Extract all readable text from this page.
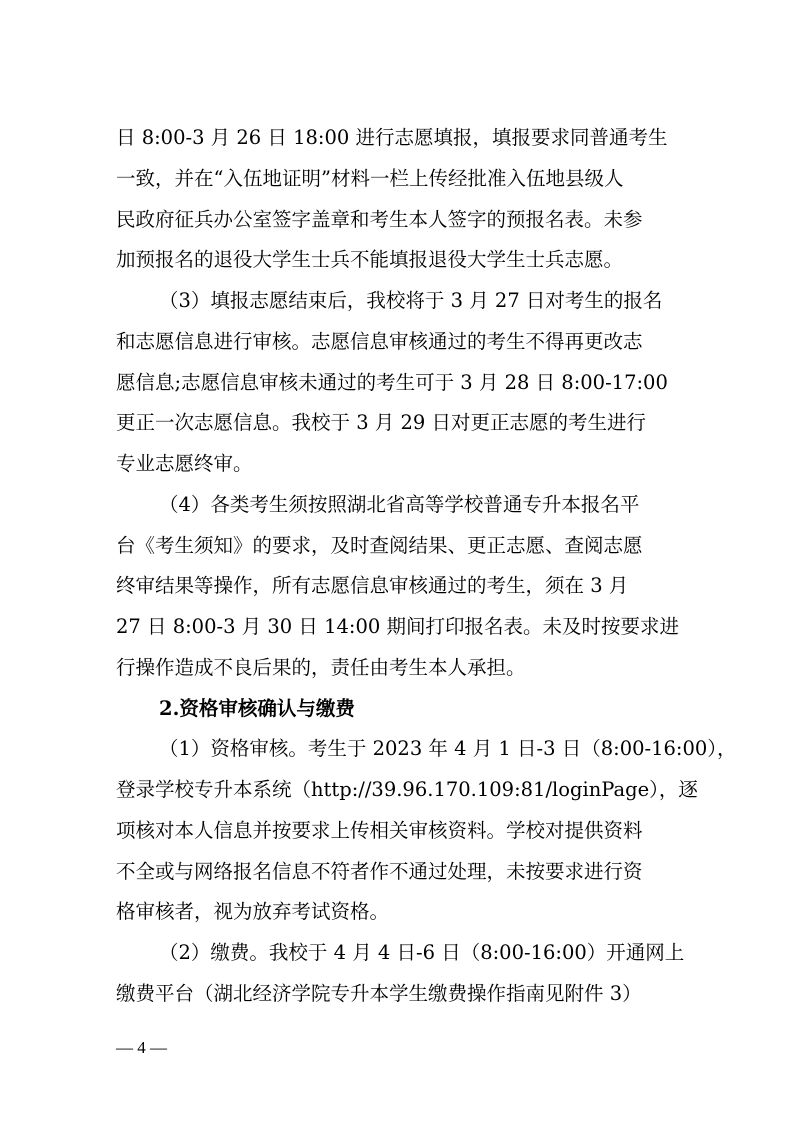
日 8:00-3 月 26 日 18:00 进行志愿填报，填报要求同普通考生
一致，并在“入伍地证明”材料一栏上传经批准入伍地县级人
民政府征兵办公室签字盖章和考生本人签字的预报名表。未参
加预报名的退役大学生士兵不能填报退役大学生士兵志愿。
（3）填报志愿结束后，我校将于 3 月 27 日对考生的报名
和志愿信息进行审核。志愿信息审核通过的考生不得再更改志
愿信息;志愿信息审核未通过的考生可于 3 月 28 日 8:00-17:00
更正一次志愿信息。我校于 3 月 29 日对更正志愿的考生进行
专业志愿终审。
（4）各类考生须按照湖北省高等学校普通专升本报名平
台《考生须知》的要求，及时查阅结果、更正志愿、查阅志愿
终审结果等操作，所有志愿信息审核通过的考生，须在 3 月
27 日 8:00-3 月 30 日 14:00 期间打印报名表。未及时按要求进
行操作造成不良后果的，责任由考生本人承担。
2.资格审核确认与缴费
（1）资格审核。考生于 2023 年 4 月 1 日-3 日（8:00-16:00），
登录学校专升本系统（http://39.96.170.109:81/loginPage），逐
项核对本人信息并按要求上传相关审核资料。学校对提供资料
不全或与网络报名信息不符者作不通过处理，未按要求进行资
格审核者，视为放弃考试资格。
（2）缴费。我校于 4 月 4 日-6 日（8:00-16:00）开通网上
缴费平台（湖北经济学院专升本学生缴费操作指南见附件 3）
— 4 —
